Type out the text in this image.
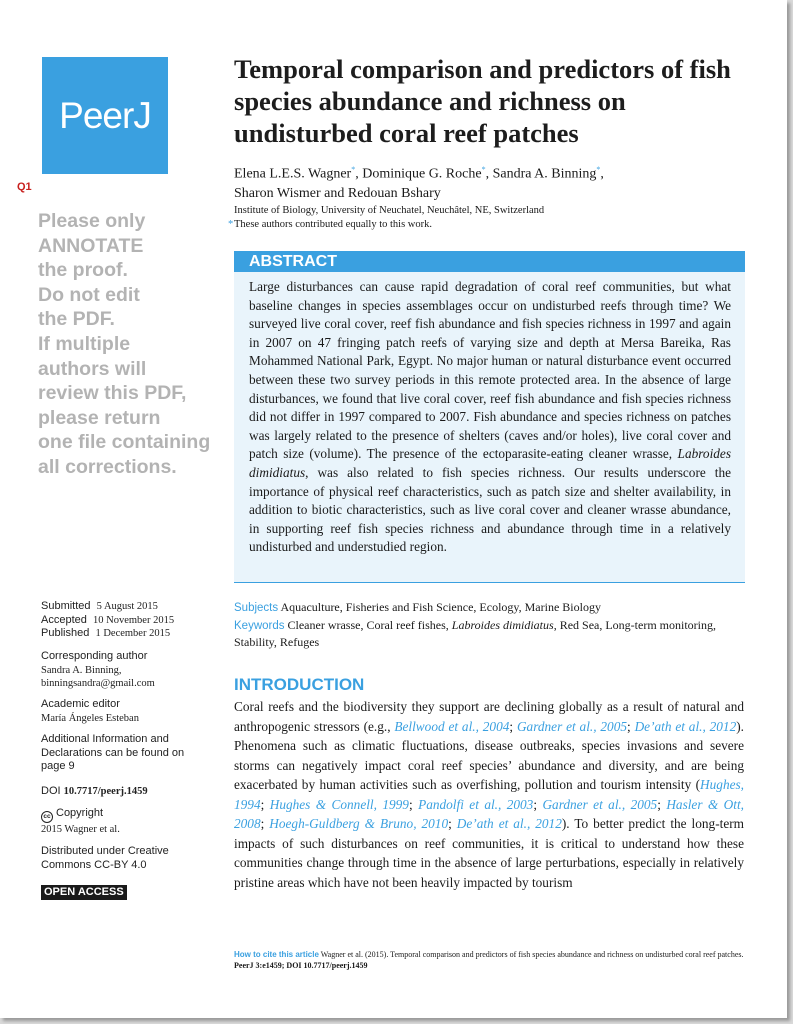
PeerJ
Q1
Please only
ANNOTATE
the proof.
Do not edit
the PDF.
If multiple
authors will
review this PDF,
please return
one file containing
all corrections.
Temporal comparison and predictors of fish species abundance and richness on undisturbed coral reef patches
Elena L.E.S. Wagner*, Dominique G. Roche*, Sandra A. Binning*,
Sharon Wismer and Redouan Bshary
Institute of Biology, University of Neuchatel, Neuchâtel, NE, Switzerland
* These authors contributed equally to this work.
ABSTRACT

Large disturbances can cause rapid degradation of coral reef communities, but what baseline changes in species assemblages occur on undisturbed reefs through time? We surveyed live coral cover, reef fish abundance and fish species richness in 1997 and again in 2007 on 47 fringing patch reefs of varying size and depth at Mersa Bareika, Ras Mohammed National Park, Egypt. No major human or natural disturbance event occurred between these two survey periods in this remote protected area. In the absence of large disturbances, we found that live coral cover, reef fish abundance and fish species richness did not differ in 1997 compared to 2007. Fish abundance and species richness on patches was largely related to the presence of shelters (caves and/or holes), live coral cover and patch size (volume). The presence of the ectoparasite-eating cleaner wrasse, Labroides dimidiatus, was also related to fish species richness. Our results underscore the importance of physical reef characteristics, such as patch size and shelter availability, in addition to biotic characteristics, such as live coral cover and cleaner wrasse abundance, in supporting reef fish species richness and abundance through time in a relatively undisturbed and understudied region.

Submitted 5 August 2015
Accepted 10 November 2015
Published 1 December 2015
Corresponding author
Sandra A. Binning,
binningsandra@gmail.com
Academic editor
María Ángeles Esteban
Additional Information and Declarations can be found on page 9
DOI 10.7717/peerj.1459
cc Copyright
2015 Wagner et al.
Distributed under Creative Commons CC-BY 4.0
OPEN ACCESS
Subjects Aquaculture, Fisheries and Fish Science, Ecology, Marine Biology
Keywords Cleaner wrasse, Coral reef fishes, Labroides dimidiatus, Red Sea, Long-term monitoring, Stability, Refuges
INTRODUCTION

Coral reefs and the biodiversity they support are declining globally as a result of natural and anthropogenic stressors (e.g., Bellwood et al., 2004; Gardner et al., 2005; De’ath et al., 2012). Phenomena such as climatic fluctuations, disease outbreaks, species invasions and severe storms can negatively impact coral reef species’ abundance and diversity, and are being exacerbated by human activities such as overfishing, pollution and tourism intensity (Hughes, 1994; Hughes & Connell, 1999; Pandolfi et al., 2003; Gardner et al., 2005; Hasler & Ott, 2008; Hoegh-Guldberg & Bruno, 2010; De’ath et al., 2012). To better predict the long-term impacts of such disturbances on reef communities, it is critical to understand how these communities change through time in the absence of large perturbations, especially in relatively pristine areas which have not been heavily impacted by tourism

How to cite this article Wagner et al. (2015). Temporal comparison and predictors of fish species abundance and richness on undisturbed coral reef patches. PeerJ 3:e1459; DOI 10.7717/peerj.1459
